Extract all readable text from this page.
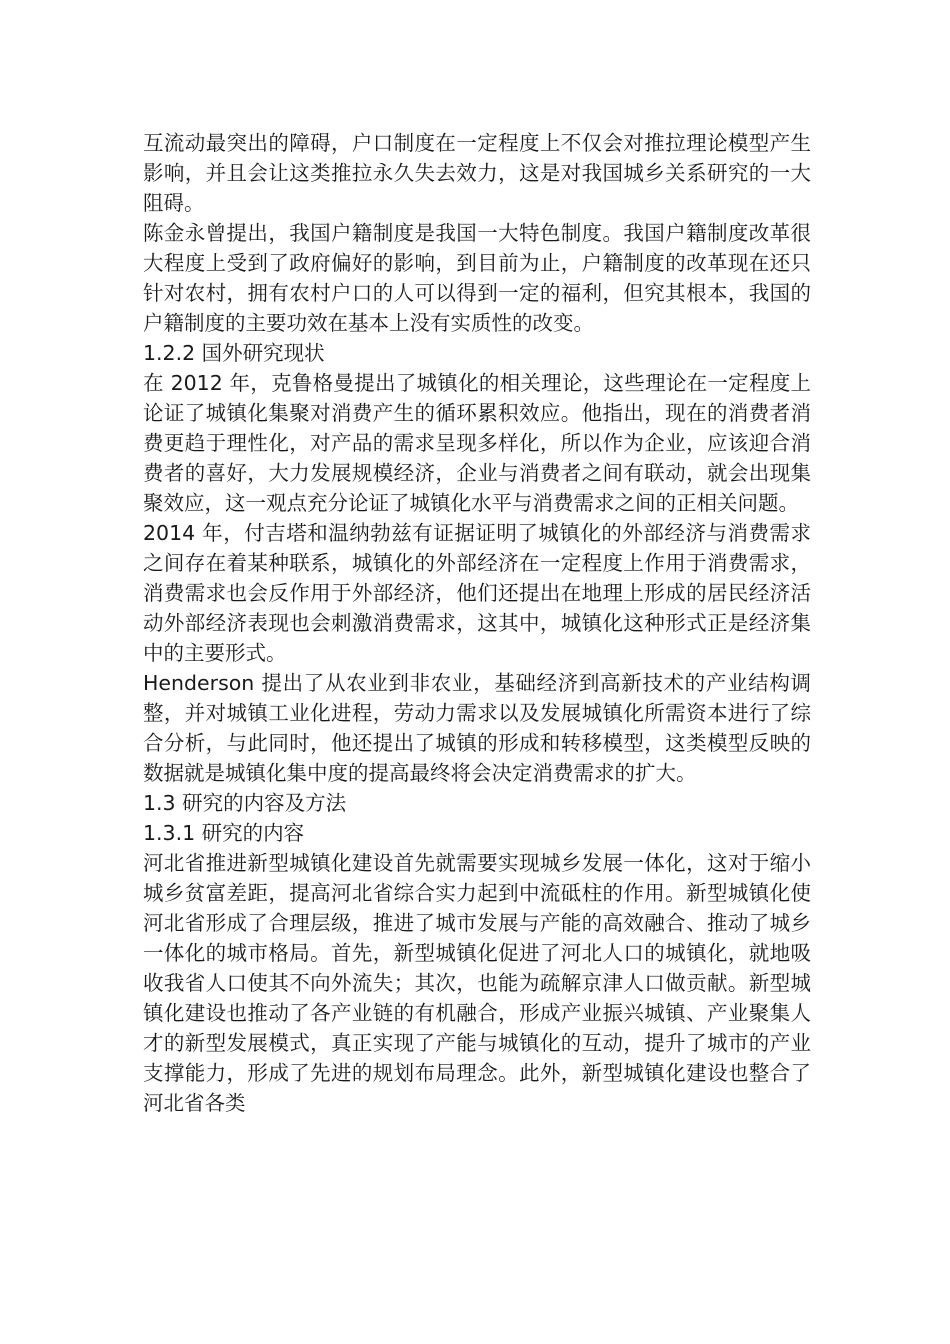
互流动最突出的障碍，户口制度在一定程度上不仅会对推拉理论模型产生影响，并且会让这类推拉永久失去效力，这是对我国城乡关系研究的一大阻碍。

陈金永曾提出，我国户籍制度是我国一大特色制度。我国户籍制度改革很大程度上受到了政府偏好的影响，到目前为止，户籍制度的改革现在还只针对农村，拥有农村户口的人可以得到一定的福利，但究其根本，我国的户籍制度的主要功效在基本上没有实质性的改变。

1.2.2 国外研究现状

在 2012 年，克鲁格曼提出了城镇化的相关理论，这些理论在一定程度上论证了城镇化集聚对消费产生的循环累积效应。他指出，现在的消费者消费更趋于理性化，对产品的需求呈现多样化，所以作为企业，应该迎合消费者的喜好，大力发展规模经济，企业与消费者之间有联动，就会出现集聚效应，这一观点充分论证了城镇化水平与消费需求之间的正相关问题。

2014 年，付吉塔和温纳勃兹有证据证明了城镇化的外部经济与消费需求之间存在着某种联系，城镇化的外部经济在一定程度上作用于消费需求，消费需求也会反作用于外部经济，他们还提出在地理上形成的居民经济活动外部经济表现也会刺激消费需求，这其中，城镇化这种形式正是经济集中的主要形式。

Henderson 提出了从农业到非农业，基础经济到高新技术的产业结构调整，并对城镇工业化进程，劳动力需求以及发展城镇化所需资本进行了综合分析，与此同时，他还提出了城镇的形成和转移模型，这类模型反映的数据就是城镇化集中度的提高最终将会决定消费需求的扩大。

1.3 研究的内容及方法

1.3.1 研究的内容

河北省推进新型城镇化建设首先就需要实现城乡发展一体化，这对于缩小城乡贫富差距，提高河北省综合实力起到中流砥柱的作用。新型城镇化使河北省形成了合理层级，推进了城市发展与产能的高效融合、推动了城乡一体化的城市格局。首先，新型城镇化促进了河北人口的城镇化，就地吸收我省人口使其不向外流失；其次，也能为疏解京津人口做贡献。新型城镇化建设也推动了各产业链的有机融合，形成产业振兴城镇、产业聚集人才的新型发展模式，真正实现了产能与城镇化的互动，提升了城市的产业支撑能力，形成了先进的规划布局理念。此外，新型城镇化建设也整合了河北省各类
